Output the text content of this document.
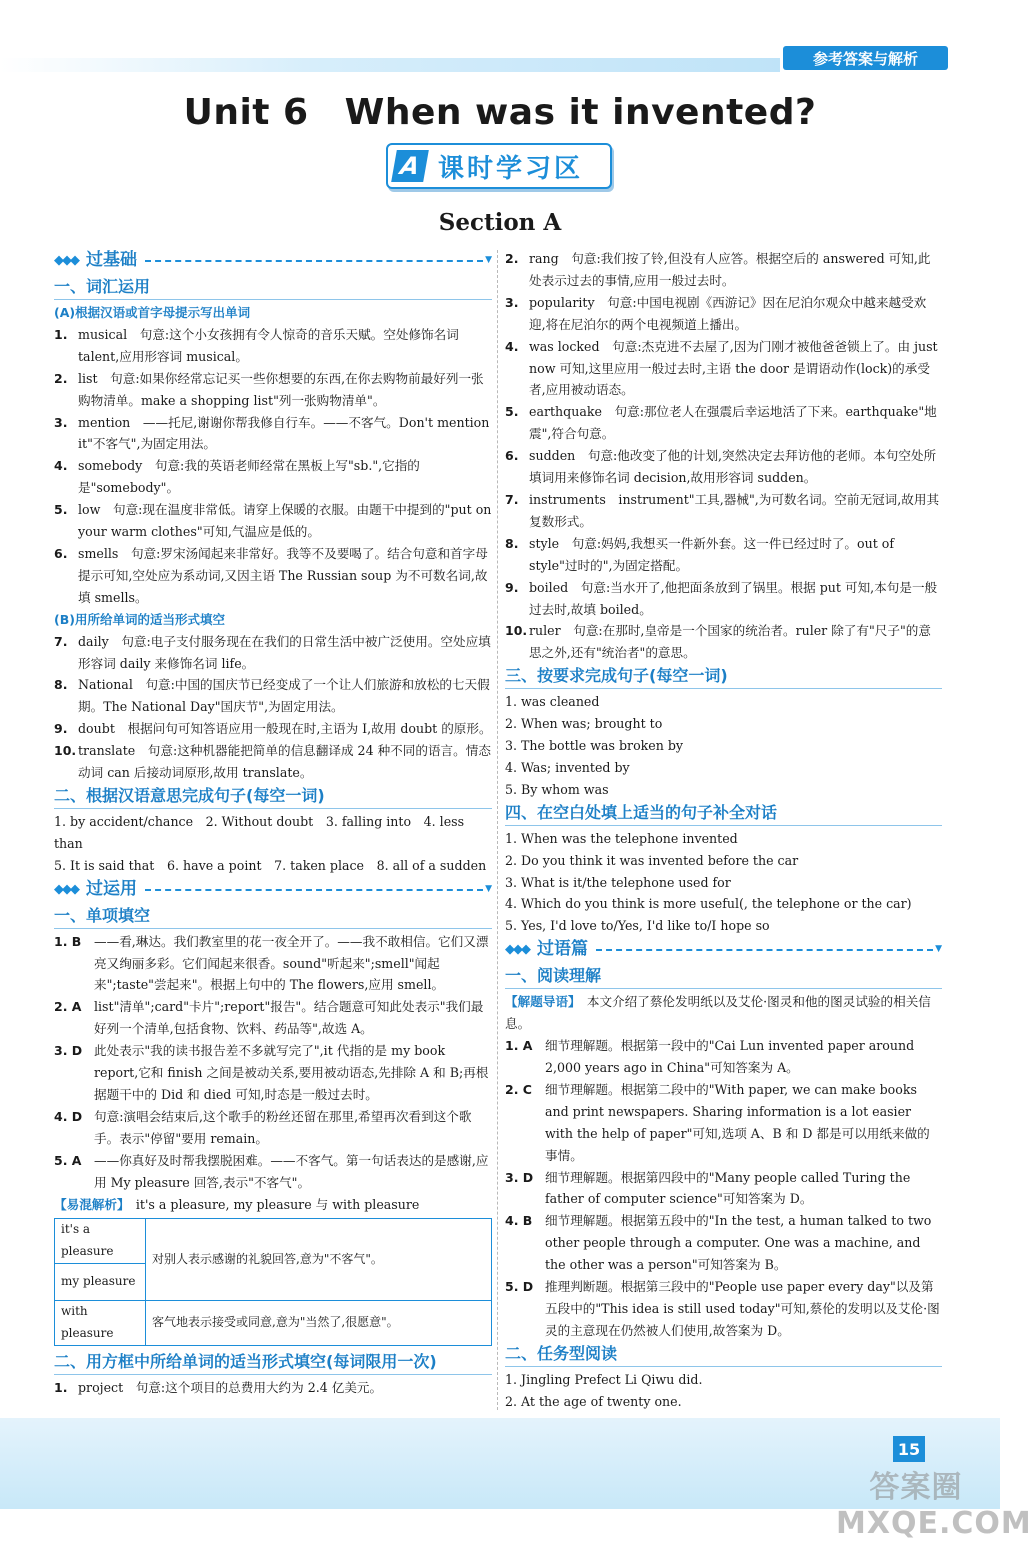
参考答案与解析
Unit 6 When was it invented?
A 课时学习区
Section A
◆◆◆ 过基础	▼
一、词汇运用
(A)根据汉语或首字母提示写出单词
1. musical　句意:这个小女孩拥有令人惊奇的音乐天赋。空处修饰名词 talent,应用形容词 musical。
2. list　句意:如果你经常忘记买一些你想要的东西,在你去购物前最好列一张购物清单。make a shopping list"列一张购物清单"。
3. mention　——托尼,谢谢你帮我修自行车。——不客气。Don't mention it"不客气",为固定用法。
4. somebody　句意:我的英语老师经常在黑板上写"sb.",它指的是"somebody"。
5. low　句意:现在温度非常低。请穿上保暖的衣服。由题干中提到的"put on your warm clothes"可知,气温应是低的。
6. smells　句意:罗宋汤闻起来非常好。我等不及要喝了。结合句意和首字母提示可知,空处应为系动词,又因主语 The Russian soup 为不可数名词,故填 smells。
(B)用所给单词的适当形式填空
7. daily　句意:电子支付服务现在在我们的日常生活中被广泛使用。空处应填形容词 daily 来修饰名词 life。
8. National　句意:中国的国庆节已经变成了一个让人们旅游和放松的七天假期。The National Day"国庆节",为固定用法。
9. doubt　根据问句可知答语应用一般现在时,主语为 I,故用 doubt 的原形。
10. translate　句意:这种机器能把简单的信息翻译成 24 种不同的语言。情态动词 can 后接动词原形,故用 translate。
二、根据汉语意思完成句子(每空一词)
1. by accident/chance　2. Without doubt　3. falling into　4. less than
5. It is said that　6. have a point　7. taken place　8. all of a sudden
◆◆◆ 过运用	▼
一、单项填空
1. B	——看,琳达。我们教室里的花一夜全开了。——我不敢相信。它们又漂亮又绚丽多彩。它们闻起来很香。sound"听起来";smell"闻起来";taste"尝起来"。根据上句中的 The flowers,应用 smell。
2. A list"清单";card"卡片";report"报告"。结合题意可知此处表示"我们最好列一个清单,包括食物、饮料、药品等",故选 A。
3. D 此处表示"我的读书报告差不多就写完了",it 代指的是 my book report,它和 finish 之间是被动关系,要用被动语态,先排除 A 和 B;再根据题干中的 Did 和 died 可知,时态是一般过去时。
4. D 句意:演唱会结束后,这个歌手的粉丝还留在那里,希望再次看到这个歌手。表示"停留"要用 remain。
5. A ——你真好及时帮我摆脱困难。——不客气。第一句话表达的是感谢,应用 My pleasure 回答,表示"不客气"。
【易混解析】　 it's a pleasure, my pleasure 与 with pleasure
it's a pleasure	对别人表示感谢的礼貌回答,意为"不客气"。
my pleasure	
with pleasure	客气地表示接受或同意,意为"当然了,很愿意"。
二、用方框中所给单词的适当形式填空(每词限用一次)
1. project　句意:这个项目的总费用大约为 2.4 亿美元。
2. rang　句意:我们按了铃,但没有人应答。根据空后的 answered 可知,此处表示过去的事情,应用一般过去时。
3. popularity　句意:中国电视剧《西游记》因在尼泊尔观众中越来越受欢迎,将在尼泊尔的两个电视频道上播出。
4. was locked　句意:杰克进不去屋了,因为门刚才被他爸爸锁上了。由 just now 可知,这里应用一般过去时,主语 the door 是谓语动作(lock)的承受者,应用被动语态。
5. earthquake　句意:那位老人在强震后幸运地活了下来。earthquake"地震",符合句意。
6. sudden　句意:他改变了他的计划,突然决定去拜访他的老师。本句空处所填词用来修饰名词 decision,故用形容词 sudden。
7. instruments　instrument"工具,器械",为可数名词。空前无冠词,故用其复数形式。
8. style　句意:妈妈,我想买一件新外套。这一件已经过时了。out of style"过时的",为固定搭配。
9. boiled　句意:当水开了,他把面条放到了锅里。根据 put 可知,本句是一般过去时,故填 boiled。
10. ruler　句意:在那时,皇帝是一个国家的统治者。ruler 除了有"尺子"的意思之外,还有"统治者"的意思。
三、按要求完成句子(每空一词)
1. was cleaned
2. When was; brought to
3. The bottle was broken by
4. Was; invented by
5. By whom was
四、在空白处填上适当的句子补全对话
1. When was the telephone invented
2. Do you think it was invented before the car
3. What is it/the telephone used for
4. Which do you think is more useful(, the telephone or the car)
5. Yes, I'd love to/Yes, I'd like to/I hope so
◆◆◆ 过语篇	▼
一、阅读理解
【解题导语】　 本文介绍了蔡伦发明纸以及艾伦·图灵和他的图灵试验的相关信息。
1. A 细节理解题。根据第一段中的"Cai Lun invented paper around 2,000 years ago in China"可知答案为 A。
2. C	细节理解题。根据第二段中的"With paper, we can make books and print newspapers. Sharing information is a lot easier with the help of paper"可知,选项 A、B 和 D 都是可以用纸来做的事情。
3. D 细节理解题。根据第四段中的"Many people called Turing the father of computer science"可知答案为 D。
4. B	细节理解题。根据第五段中的"In the test, a human talked to two other people through a computer. One was a machine, and the other was a person"可知答案为 B。
5. D 推理判断题。根据第三段中的"People use paper every day"以及第五段中的"This idea is still used today"可知,蔡伦的发明以及艾伦·图灵的主意现在仍然被人们使用,故答案为 D。
二、任务型阅读
1. Jingling Prefect Li Qiwu did.
2. At the age of twenty one.
15
答案圈 MXQE.COM
